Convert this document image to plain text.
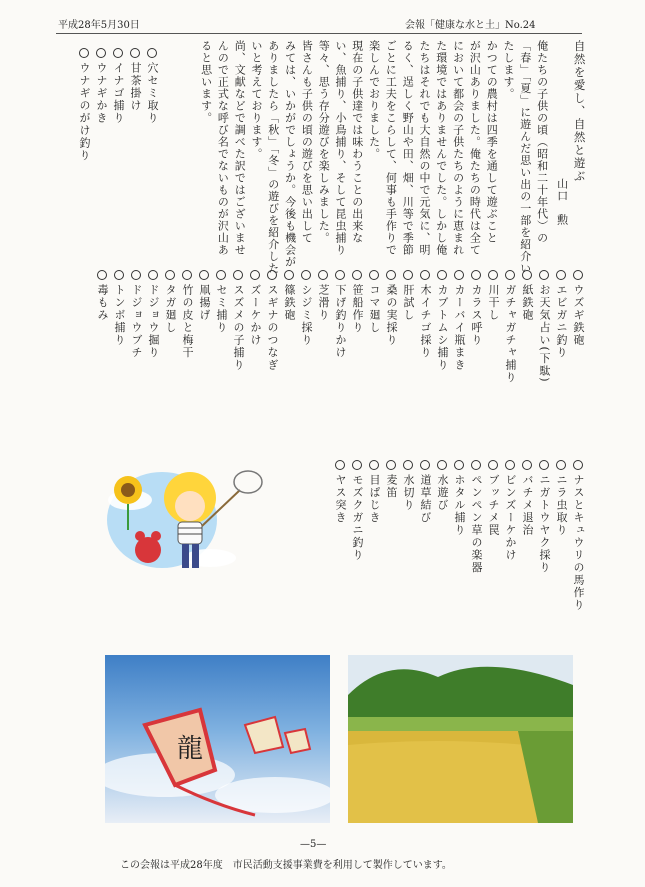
平成28年5月30日	会報「健康な水と土」No.24
自然を愛し、自然と遊ぶ
山口　勲
俺たちの子供の頃（昭和二十年代）の
「春」「夏」に遊んだ思い出の一部を紹介い
たします。
かつての農村は四季を通して遊ぶこと
が沢山ありました。俺たちの時代は全て
において都会の子供たちのように恵まれ
た環境ではありませんでした。しかし俺
たちはそれでも大自然の中で元気に、明
るく、逞しく野山や田、畑、川等で季節
ごとに工夫をこらして、何事も手作りで
楽しんでおりました。
現在の子供達では味わうことの出来な
い、魚捕り、小鳥捕り、そして昆虫捕り
等々、思う存分遊びを楽しみました。
皆さんも子供の頃の遊びを思い出して
みては、いかがでしょうか。今後も機会が
ありましたら「秋」「冬」の遊びを紹介した
いと考えております。
尚、文献などで調べた訳ではございませ
んので正式な呼び名でないものが沢山あ
ると思います。
穴セミ取り
甘茶掛け
イナゴ捕り
ウナギかき
ウナギのがけ釣り
ウズギ鉄砲
エビガニ釣り
お天気占い(下駄)
紙鉄砲
ガチャガチャ捕り
川干し
カラス呼り
カーバイ瓶まき
カブトムシ捕り
木イチゴ採り
肝試し
桑の実採り
コマ廻し
笹船作り
下げ釣りかけ
芝滑り
シジミ採り
篠鉄砲
スギナのつなぎ
ズーケかけ
スズメの子捕り
セミ捕り
凧揚げ
竹の皮と梅干
タガ廻し
ドジョウ掘り
ドジョウブチ
トンボ捕り
毒もみ
ナスとキュウリの馬作り
ニラ虫取り
ニガトウヤク採り
バチメ退治
ビンズーケかけ
ブッチメ罠
ペンペン草の楽器
ホタル捕り
水遊び
道草結び
水切り
麦笛
目ぱじき
モズクガニ釣り
ヤス突き
龍
—5—
この会報は平成28年度　市民活動支援事業費を利用して製作しています。
